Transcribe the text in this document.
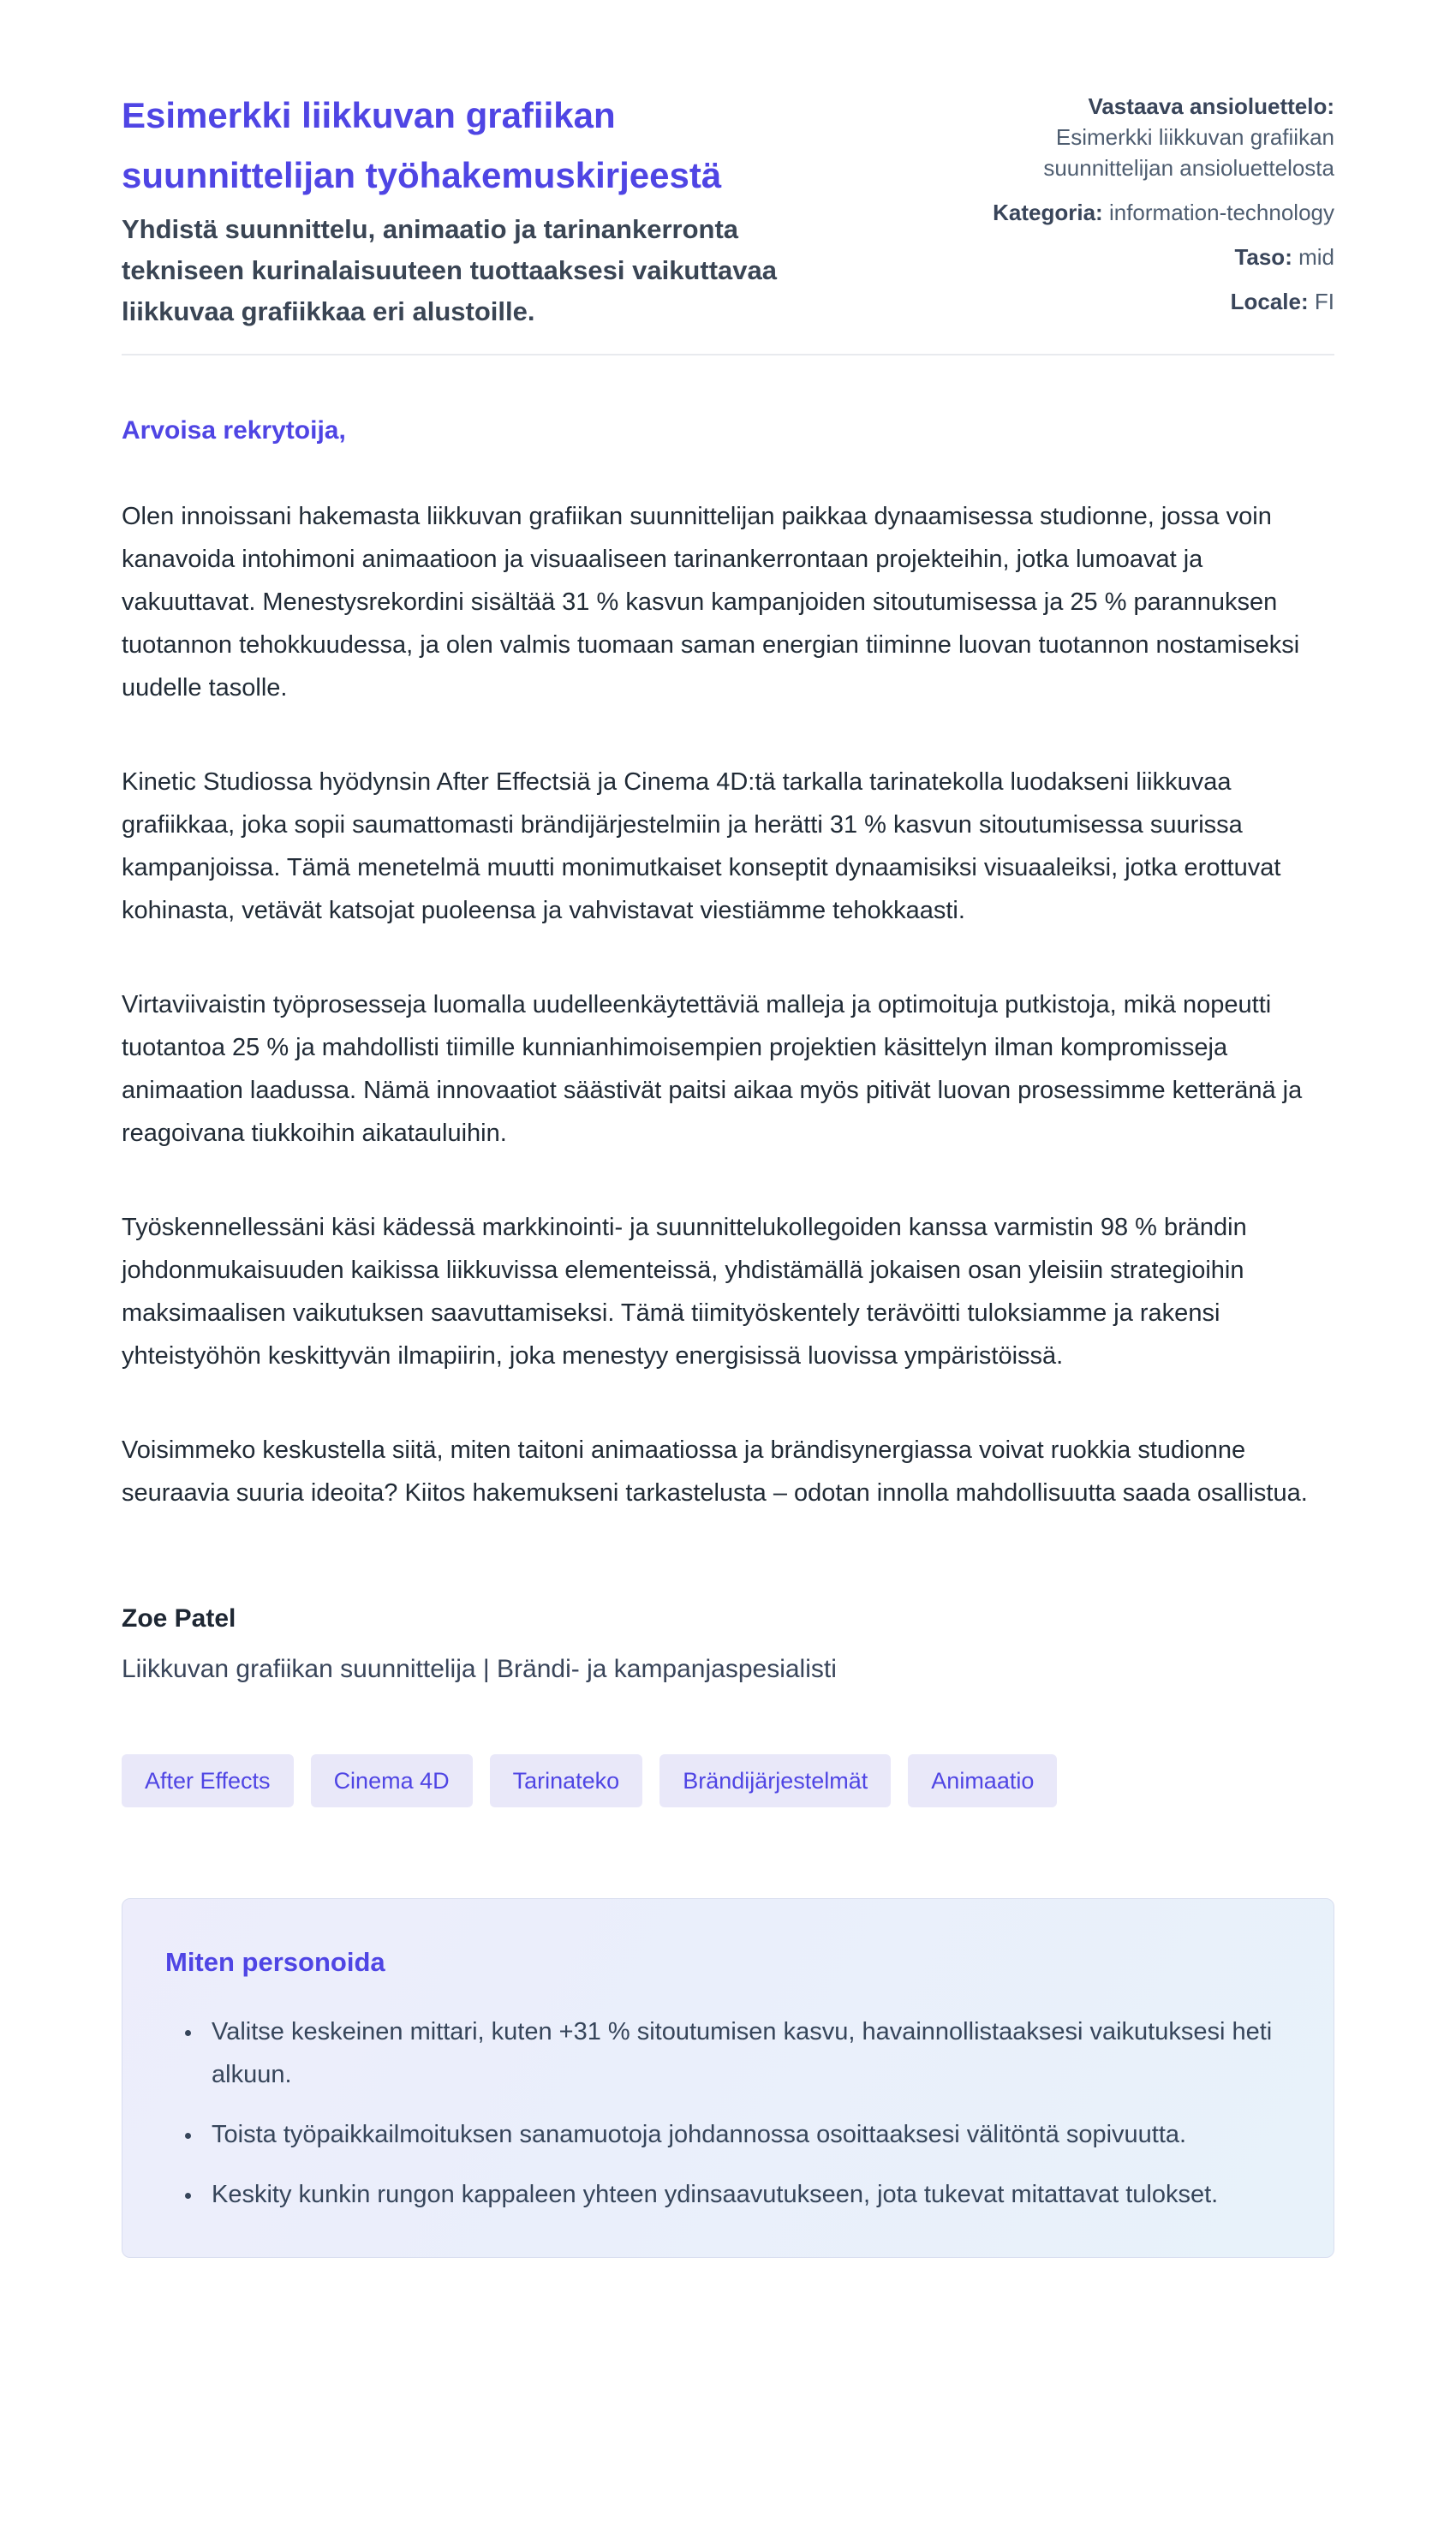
Esimerkki liikkuvan grafiikan suunnittelijan työhakemuskirjeestä

Yhdistä suunnittelu, animaatio ja tarinankerronta tekniseen kurinalaisuuteen tuottaaksesi vaikuttavaa liikkuvaa grafiikkaa eri alustoille.

Vastaava ansioluettelo:
Esimerkki liikkuvan grafiikan suunnittelijan ansioluettelosta
Kategoria: information-technology
Taso: mid
Locale: FI

Arvoisa rekrytoija,

Olen innoissani hakemasta liikkuvan grafiikan suunnittelijan paikkaa dynaamisessa studionne, jossa voin kanavoida intohimoni animaatioon ja visuaaliseen tarinankerrontaan projekteihin, jotka lumoavat ja vakuuttavat. Menestysrekordini sisältää 31 % kasvun kampanjoiden sitoutumisessa ja 25 % parannuksen tuotannon tehokkuudessa, ja olen valmis tuomaan saman energian tiiminne luovan tuotannon nostamiseksi uudelle tasolle.

Kinetic Studiossa hyödynsin After Effectsiä ja Cinema 4D:tä tarkalla tarinatekolla luodakseni liikkuvaa grafiikkaa, joka sopii saumattomasti brändijärjestelmiin ja herätti 31 % kasvun sitoutumisessa suurissa kampanjoissa. Tämä menetelmä muutti monimutkaiset konseptit dynaamisiksi visuaaleiksi, jotka erottuvat kohinasta, vetävät katsojat puoleensa ja vahvistavat viestiämme tehokkaasti.

Virtaviivaistin työprosesseja luomalla uudelleenkäytettäviä malleja ja optimoituja putkistoja, mikä nopeutti tuotantoa 25 % ja mahdollisti tiimille kunnianhimoisempien projektien käsittelyn ilman kompromisseja animaation laadussa. Nämä innovaatiot säästivät paitsi aikaa myös pitivät luovan prosessimme ketteränä ja reagoivana tiukkoihin aikatauluihin.

Työskennellessäni käsi kädessä markkinointi- ja suunnittelukollegoiden kanssa varmistin 98 % brändin johdonmukaisuuden kaikissa liikkuvissa elementeissä, yhdistämällä jokaisen osan yleisiin strategioihin maksimaalisen vaikutuksen saavuttamiseksi. Tämä tiimityöskentely terävöitti tuloksiamme ja rakensi yhteistyöhön keskittyvän ilmapiirin, joka menestyy energisissä luovissa ympäristöissä.

Voisimmeko keskustella siitä, miten taitoni animaatiossa ja brändisynergiassa voivat ruokkia studionne seuraavia suuria ideoita? Kiitos hakemukseni tarkastelusta – odotan innolla mahdollisuutta saada osallistua.

Zoe Patel

Liikkuvan grafiikan suunnittelija | Brändi- ja kampanjaspesialisti

After Effects	Cinema 4D	Tarinateko	Brändijärjestelmät	Animaatio
Miten personoida
• Valitse keskeinen mittari, kuten +31 % sitoutumisen kasvu, havainnollistaaksesi vaikutuksesi heti alkuun.
• Toista työpaikkailmoituksen sanamuotoja johdannossa osoittaaksesi välitöntä sopivuutta.
• Keskity kunkin rungon kappaleen yhteen ydinsaavutukseen, jota tukevat mitattavat tulokset.
